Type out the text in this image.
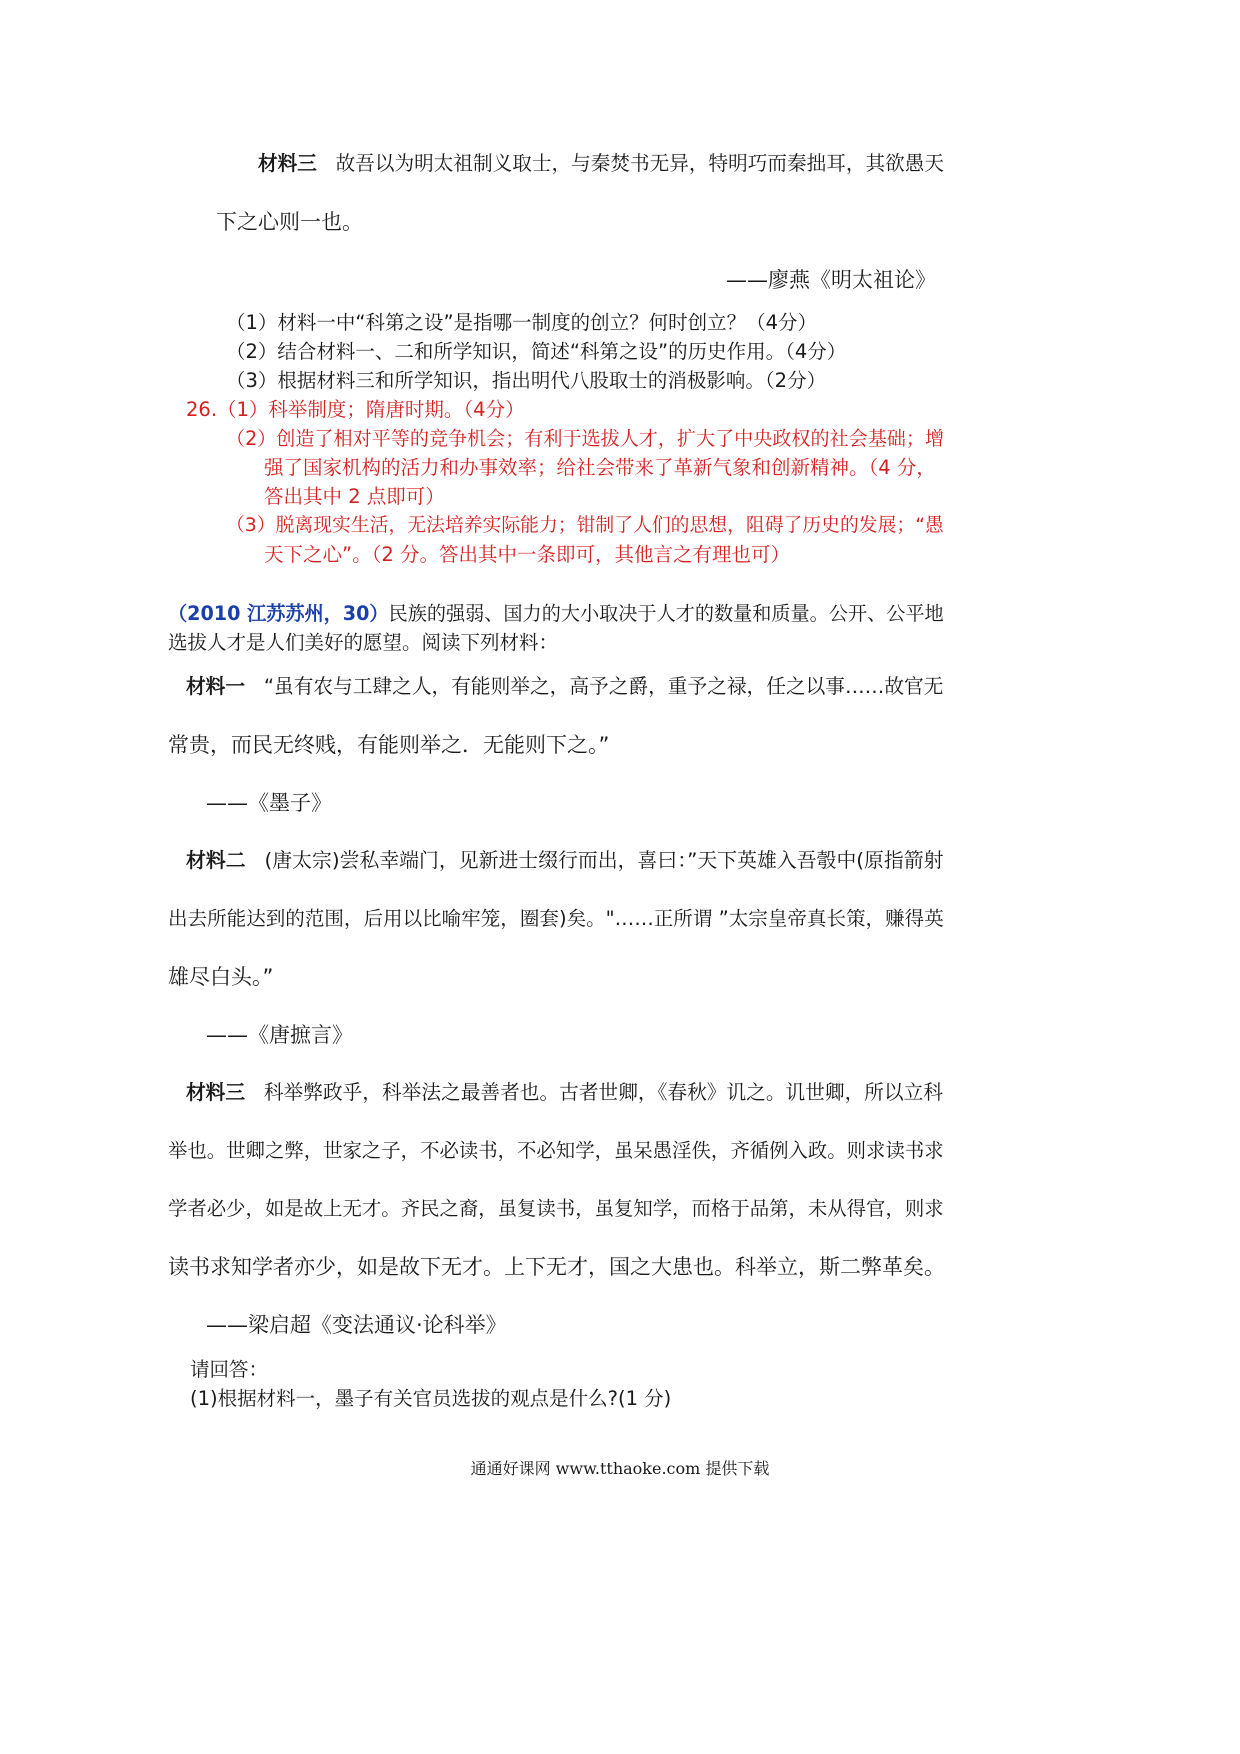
材料三 故吾以为明太祖制义取士，与秦焚书无异，特明巧而秦拙耳，其欲愚天
下之心则一也。
——廖燕《明太祖论》
（1）材料一中“科第之设”是指哪一制度的创立？何时创立？（4分）
（2）结合材料一、二和所学知识，简述“科第之设”的历史作用。（4分）
（3）根据材料三和所学知识，指出明代八股取士的消极影响。（2分）
26.（1）科举制度；隋唐时期。（4分）
（2）创造了相对平等的竞争机会；有利于选拔人才，扩大了中央政权的社会基础；增
强了国家机构的活力和办事效率；给社会带来了革新气象和创新精神。（4 分，
答出其中 2 点即可）
（3）脱离现实生活，无法培养实际能力；钳制了人们的思想，阻碍了历史的发展；“愚
天下之心”。（2 分。答出其中一条即可，其他言之有理也可）
（2010 江苏苏州，30）民族的强弱、国力的大小取决于人才的数量和质量。公开、公平地
选拔人才是人们美好的愿望。阅读下列材料：
材料一 “虽有农与工肆之人，有能则举之，高予之爵，重予之禄，任之以事……故官无
常贵，而民无终贱，有能则举之．无能则下之。”
——《墨子》
材料二 (唐太宗)尝私幸端门，见新进士缀行而出，喜曰：”天下英雄入吾彀中(原指箭射
出去所能达到的范围，后用以比喻牢笼，圈套)矣。"……正所谓 ”太宗皇帝真长策，赚得英
雄尽白头。”
——《唐摭言》
材料三 科举弊政乎，科举法之最善者也。古者世卿，《春秋》讥之。讥世卿，所以立科
举也。世卿之弊，世家之子，不必读书，不必知学，虽呆愚淫佚，齐循例入政。则求读书求
学者必少，如是故上无才。齐民之裔，虽复读书，虽复知学，而格于品第，未从得官，则求
读书求知学者亦少，如是故下无才。上下无才，国之大患也。科举立，斯二弊革矣。
——梁启超《变法通议·论科举》
请回答：
(1)根据材料一，墨子有关官员选拔的观点是什么?(1 分)
通通好课网 www.tthaoke.com 提供下载
